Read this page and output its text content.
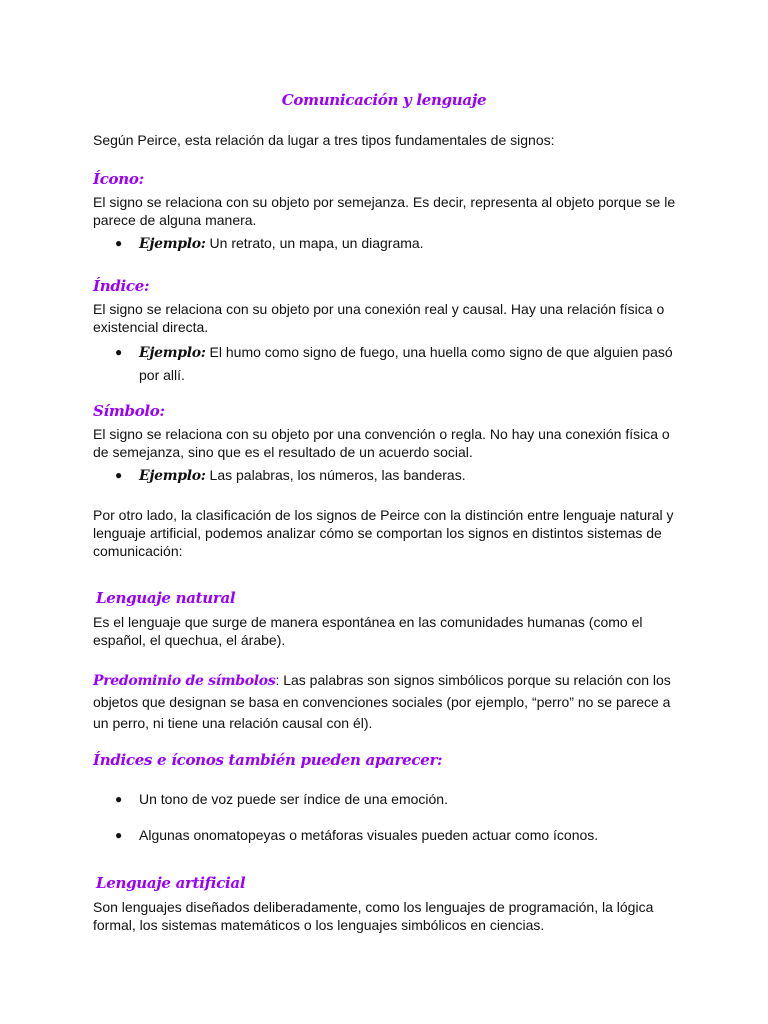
Comunicación y lenguaje

Según Peirce, esta relación da lugar a tres tipos fundamentales de signos:

Ícono:

El signo se relaciona con su objeto por semejanza. Es decir, representa al objeto porque se le parece de alguna manera.

● Ejemplo: Un retrato, un mapa, un diagrama.

Índice:

El signo se relaciona con su objeto por una conexión real y causal. Hay una relación física o existencial directa.

● Ejemplo: El humo como signo de fuego, una huella como signo de que alguien pasó por allí.

Símbolo:

El signo se relaciona con su objeto por una convención o regla. No hay una conexión física o de semejanza, sino que es el resultado de un acuerdo social.

● Ejemplo: Las palabras, los números, las banderas.

Por otro lado, la clasificación de los signos de Peirce con la distinción entre lenguaje natural y lenguaje artificial, podemos analizar cómo se comportan los signos en distintos sistemas de comunicación:

Lenguaje natural

Es el lenguaje que surge de manera espontánea en las comunidades humanas (como el español, el quechua, el árabe).

Predominio de símbolos: Las palabras son signos simbólicos porque su relación con los objetos que designan se basa en convenciones sociales (por ejemplo, “perro” no se parece a un perro, ni tiene una relación causal con él).

Índices e íconos también pueden aparecer:

● Un tono de voz puede ser índice de una emoción.

● Algunas onomatopeyas o metáforas visuales pueden actuar como íconos.

Lenguaje artificial

Son lenguajes diseñados deliberadamente, como los lenguajes de programación, la lógica formal, los sistemas matemáticos o los lenguajes simbólicos en ciencias.
